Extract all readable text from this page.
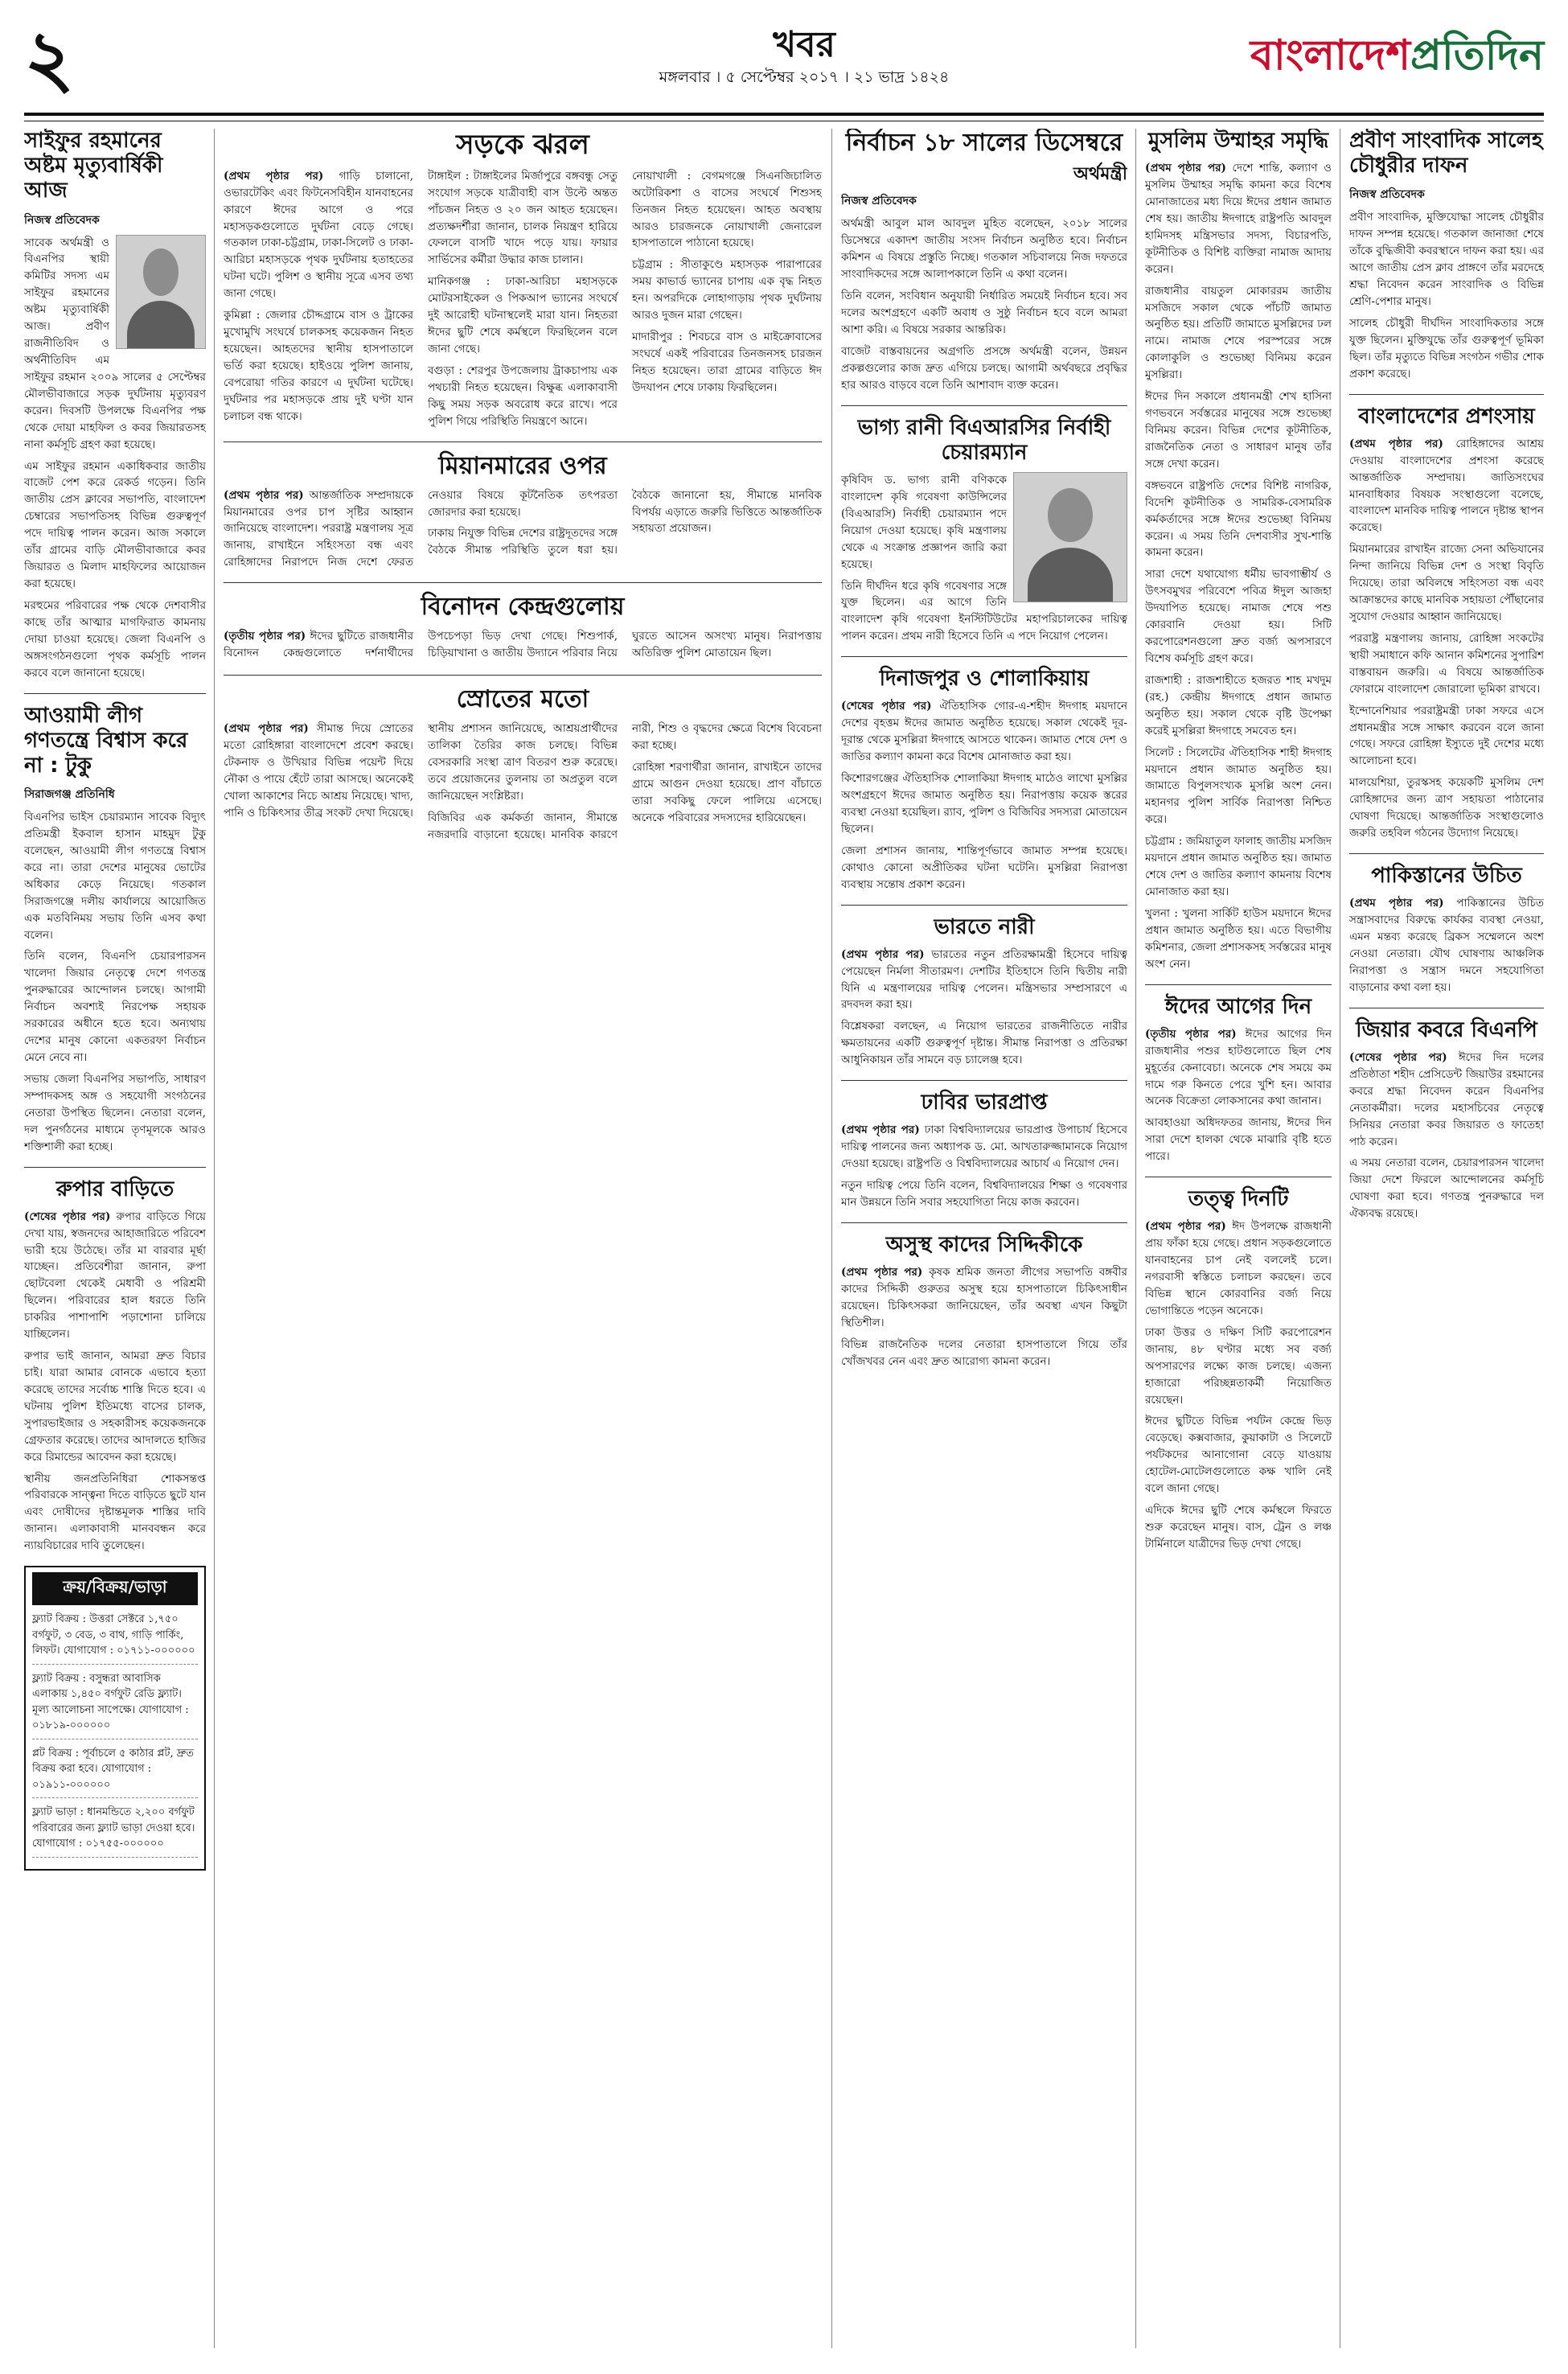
২	খবর
মঙ্গলবার । ৫ সেপ্টেম্বর ২০১৭ । ২১ ভাদ্র ১৪২৪	বাংলাদেশপ্রতিদিন
সাইফুর রহমানের অষ্টম মৃত্যুবার্ষিকী আজ

নিজস্ব প্রতিবেদক

সাবেক অর্থমন্ত্রী ও বিএনপির স্থায়ী কমিটির সদস্য এম সাইফুর রহমানের অষ্টম মৃত্যুবার্ষিকী আজ। প্রবীণ রাজনীতিবিদ ও অর্থনীতিবিদ এম সাইফুর রহমান ২০০৯ সালের ৫ সেপ্টেম্বর মৌলভীবাজারে সড়ক দুর্ঘটনায় মৃত্যুবরণ করেন। দিবসটি উপলক্ষে বিএনপির পক্ষ থেকে দোয়া মাহফিল ও কবর জিয়ারতসহ নানা কর্মসূচি গ্রহণ করা হয়েছে।

এম সাইফুর রহমান একাধিকবার জাতীয় বাজেট পেশ করে রেকর্ড গড়েন। তিনি জাতীয় প্রেস ক্লাবের সভাপতি, বাংলাদেশ চেম্বারের সভাপতিসহ বিভিন্ন গুরুত্বপূর্ণ পদে দায়িত্ব পালন করেন। আজ সকালে তাঁর গ্রামের বাড়ি মৌলভীবাজারে কবর জিয়ারত ও মিলাদ মাহফিলের আয়োজন করা হয়েছে।

মরহুমের পরিবারের পক্ষ থেকে দেশবাসীর কাছে তাঁর আত্মার মাগফিরাত কামনায় দোয়া চাওয়া হয়েছে। জেলা বিএনপি ও অঙ্গসংগঠনগুলো পৃথক কর্মসূচি পালন করবে বলে জানানো হয়েছে।

আওয়ামী লীগ গণতন্ত্রে বিশ্বাস করে না : টুকু

সিরাজগঞ্জ প্রতিনিধি

বিএনপির ভাইস চেয়ারম্যান সাবেক বিদ্যুৎ প্রতিমন্ত্রী ইকবাল হাসান মাহমুদ টুকু বলেছেন, আওয়ামী লীগ গণতন্ত্রে বিশ্বাস করে না। তারা দেশের মানুষের ভোটের অধিকার কেড়ে নিয়েছে। গতকাল সিরাজগঞ্জে দলীয় কার্যালয়ে আয়োজিত এক মতবিনিময় সভায় তিনি এসব কথা বলেন।

তিনি বলেন, বিএনপি চেয়ারপারসন খালেদা জিয়ার নেতৃত্বে দেশে গণতন্ত্র পুনরুদ্ধারের আন্দোলন চলছে। আগামী নির্বাচন অবশ্যই নিরপেক্ষ সহায়ক সরকারের অধীনে হতে হবে। অন্যথায় দেশের মানুষ কোনো একতরফা নির্বাচন মেনে নেবে না।

সভায় জেলা বিএনপির সভাপতি, সাধারণ সম্পাদকসহ অঙ্গ ও সহযোগী সংগঠনের নেতারা উপস্থিত ছিলেন। নেতারা বলেন, দল পুনর্গঠনের মাধ্যমে তৃণমূলকে আরও শক্তিশালী করা হচ্ছে।

রুপার বাড়িতে

(শেষের পৃষ্ঠার পর) রুপার বাড়িতে গিয়ে দেখা যায়, স্বজনদের আহাজারিতে পরিবেশ ভারী হয়ে উঠেছে। তাঁর মা বারবার মূর্ছা যাচ্ছেন। প্রতিবেশীরা জানান, রুপা ছোটবেলা থেকেই মেধাবী ও পরিশ্রমী ছিলেন। পরিবারের হাল ধরতে তিনি চাকরির পাশাপাশি পড়াশোনা চালিয়ে যাচ্ছিলেন।

রুপার ভাই জানান, আমরা দ্রুত বিচার চাই। যারা আমার বোনকে এভাবে হত্যা করেছে তাদের সর্বোচ্চ শাস্তি দিতে হবে। এ ঘটনায় পুলিশ ইতিমধ্যে বাসের চালক, সুপারভাইজার ও সহকারীসহ কয়েকজনকে গ্রেফতার করেছে। তাদের আদালতে হাজির করে রিমান্ডের আবেদন করা হয়েছে।

স্থানীয় জনপ্রতিনিধিরা শোকসন্তপ্ত পরিবারকে সান্ত্বনা দিতে বাড়িতে ছুটে যান এবং দোষীদের দৃষ্টান্তমূলক শাস্তির দাবি জানান। এলাকাবাসী মানববন্ধন করে ন্যায়বিচারের দাবি তুলেছেন।

ক্রয়/বিক্রয়/ভাড়া

ফ্ল্যাট বিক্রয় : উত্তরা সেক্টরে ১,৭৫০ বর্গফুট, ৩ বেড, ৩ বাথ, গাড়ি পার্কিং, লিফট। যোগাযোগ : ০১৭১১-০০০০০০

ফ্ল্যাট বিক্রয় : বসুন্ধরা আবাসিক এলাকায় ১,৪৫০ বর্গফুট রেডি ফ্ল্যাট। মূল্য আলোচনা সাপেক্ষে। যোগাযোগ : ০১৮১৯-০০০০০০

প্লট বিক্রয় : পূর্বাচলে ৫ কাঠার প্লট, দ্রুত বিক্রয় করা হবে। যোগাযোগ : ০১৯১১-০০০০০০

ফ্ল্যাট ভাড়া : ধানমন্ডিতে ২,২০০ বর্গফুট পরিবারের জন্য ফ্ল্যাট ভাড়া দেওয়া হবে। যোগাযোগ : ০১৭৫৫-০০০০০০

সড়কে ঝরল

(প্রথম পৃষ্ঠার পর) গাড়ি চালানো, ওভারটেকিং এবং ফিটনেসবিহীন যানবাহনের কারণে ঈদের আগে ও পরে মহাসড়কগুলোতে দুর্ঘটনা বেড়ে গেছে। গতকাল ঢাকা-চট্টগ্রাম, ঢাকা-সিলেট ও ঢাকা-আরিচা মহাসড়কে পৃথক দুর্ঘটনায় হতাহতের ঘটনা ঘটে। পুলিশ ও স্থানীয় সূত্রে এসব তথ্য জানা গেছে।

কুমিল্লা : জেলার চৌদ্দগ্রামে বাস ও ট্রাকের মুখোমুখি সংঘর্ষে চালকসহ কয়েকজন নিহত হয়েছেন। আহতদের স্থানীয় হাসপাতালে ভর্তি করা হয়েছে। হাইওয়ে পুলিশ জানায়, বেপরোয়া গতির কারণে এ দুর্ঘটনা ঘটেছে। দুর্ঘটনার পর মহাসড়কে প্রায় দুই ঘণ্টা যান চলাচল বন্ধ থাকে।

টাঙ্গাইল : টাঙ্গাইলের মির্জাপুরে বঙ্গবন্ধু সেতু সংযোগ সড়কে যাত্রীবাহী বাস উল্টে অন্তত পাঁচজন নিহত ও ২০ জন আহত হয়েছেন। প্রত্যক্ষদর্শীরা জানান, চালক নিয়ন্ত্রণ হারিয়ে ফেললে বাসটি খাদে পড়ে যায়। ফায়ার সার্ভিসের কর্মীরা উদ্ধার কাজ চালান।

মানিকগঞ্জ : ঢাকা-আরিচা মহাসড়কে মোটরসাইকেল ও পিকআপ ভ্যানের সংঘর্ষে দুই আরোহী ঘটনাস্থলেই মারা যান। নিহতরা ঈদের ছুটি শেষে কর্মস্থলে ফিরছিলেন বলে জানা গেছে।

বগুড়া : শেরপুর উপজেলায় ট্রাকচাপায় এক পথচারী নিহত হয়েছেন। বিক্ষুব্ধ এলাকাবাসী কিছু সময় সড়ক অবরোধ করে রাখে। পরে পুলিশ গিয়ে পরিস্থিতি নিয়ন্ত্রণে আনে।

নোয়াখালী : বেগমগঞ্জে সিএনজিচালিত অটোরিকশা ও বাসের সংঘর্ষে শিশুসহ তিনজন নিহত হয়েছেন। আহত অবস্থায় আরও চারজনকে নোয়াখালী জেনারেল হাসপাতালে পাঠানো হয়েছে।

চট্টগ্রাম : সীতাকুণ্ডে মহাসড়ক পারাপারের সময় কাভার্ড ভ্যানের চাপায় এক বৃদ্ধ নিহত হন। অপরদিকে লোহাগাড়ায় পৃথক দুর্ঘটনায় আরও দুজন মারা গেছেন।

মাদারীপুর : শিবচরে বাস ও মাইক্রোবাসের সংঘর্ষে একই পরিবারের তিনজনসহ চারজন নিহত হয়েছেন। তারা গ্রামের বাড়িতে ঈদ উদযাপন শেষে ঢাকায় ফিরছিলেন।

মিয়ানমারের ওপর

(প্রথম পৃষ্ঠার পর) আন্তর্জাতিক সম্প্রদায়কে মিয়ানমারের ওপর চাপ সৃষ্টির আহ্বান জানিয়েছে বাংলাদেশ। পররাষ্ট্র মন্ত্রণালয় সূত্র জানায়, রাখাইনে সহিংসতা বন্ধ এবং রোহিঙ্গাদের নিরাপদে নিজ দেশে ফেরত নেওয়ার বিষয়ে কূটনৈতিক তৎপরতা জোরদার করা হয়েছে।

ঢাকায় নিযুক্ত বিভিন্ন দেশের রাষ্ট্রদূতদের সঙ্গে বৈঠকে সীমান্ত পরিস্থিতি তুলে ধরা হয়। বৈঠকে জানানো হয়, সীমান্তে মানবিক বিপর্যয় এড়াতে জরুরি ভিত্তিতে আন্তর্জাতিক সহায়তা প্রয়োজন।

বিনোদন কেন্দ্রগুলোয়

(তৃতীয় পৃষ্ঠার পর) ঈদের ছুটিতে রাজধানীর বিনোদন কেন্দ্রগুলোতে দর্শনার্থীদের উপচেপড়া ভিড় দেখা গেছে। শিশুপার্ক, চিড়িয়াখানা ও জাতীয় উদ্যানে পরিবার নিয়ে ঘুরতে আসেন অসংখ্য মানুষ। নিরাপত্তায় অতিরিক্ত পুলিশ মোতায়েন ছিল।

স্রোতের মতো

(প্রথম পৃষ্ঠার পর) সীমান্ত দিয়ে স্রোতের মতো রোহিঙ্গারা বাংলাদেশে প্রবেশ করছে। টেকনাফ ও উখিয়ার বিভিন্ন পয়েন্ট দিয়ে নৌকা ও পায়ে হেঁটে তারা আসছে। অনেকেই খোলা আকাশের নিচে আশ্রয় নিয়েছে। খাদ্য, পানি ও চিকিৎসার তীব্র সংকট দেখা দিয়েছে।

স্থানীয় প্রশাসন জানিয়েছে, আশ্রয়প্রার্থীদের তালিকা তৈরির কাজ চলছে। বিভিন্ন বেসরকারি সংস্থা ত্রাণ বিতরণ শুরু করেছে। তবে প্রয়োজনের তুলনায় তা অপ্রতুল বলে জানিয়েছেন সংশ্লিষ্টরা।

বিজিবির এক কর্মকর্তা জানান, সীমান্তে নজরদারি বাড়ানো হয়েছে। মানবিক কারণে নারী, শিশু ও বৃদ্ধদের ক্ষেত্রে বিশেষ বিবেচনা করা হচ্ছে।

রোহিঙ্গা শরণার্থীরা জানান, রাখাইনে তাদের গ্রামে আগুন দেওয়া হয়েছে। প্রাণ বাঁচাতে তারা সবকিছু ফেলে পালিয়ে এসেছে। অনেকে পরিবারের সদস্যদের হারিয়েছেন।

নির্বাচন ১৮ সালের ডিসেম্বরে

অর্থমন্ত্রী

নিজস্ব প্রতিবেদক

অর্থমন্ত্রী আবুল মাল আবদুল মুহিত বলেছেন, ২০১৮ সালের ডিসেম্বরে একাদশ জাতীয় সংসদ নির্বাচন অনুষ্ঠিত হবে। নির্বাচন কমিশন এ বিষয়ে প্রস্তুতি নিচ্ছে। গতকাল সচিবালয়ে নিজ দফতরে সাংবাদিকদের সঙ্গে আলাপকালে তিনি এ কথা বলেন।

তিনি বলেন, সংবিধান অনুযায়ী নির্ধারিত সময়েই নির্বাচন হবে। সব দলের অংশগ্রহণে একটি অবাধ ও সুষ্ঠু নির্বাচন হবে বলে আমরা আশা করি। এ বিষয়ে সরকার আন্তরিক।

বাজেট বাস্তবায়নের অগ্রগতি প্রসঙ্গে অর্থমন্ত্রী বলেন, উন্নয়ন প্রকল্পগুলোর কাজ দ্রুত এগিয়ে চলছে। আগামী অর্থবছরে প্রবৃদ্ধির হার আরও বাড়বে বলে তিনি আশাবাদ ব্যক্ত করেন।

ভাগ্য রানী বিএআরসির নির্বাহী চেয়ারম্যান

কৃষিবিদ ড. ভাগ্য রানী বণিককে বাংলাদেশ কৃষি গবেষণা কাউন্সিলের (বিএআরসি) নির্বাহী চেয়ারম্যান পদে নিয়োগ দেওয়া হয়েছে। কৃষি মন্ত্রণালয় থেকে এ সংক্রান্ত প্রজ্ঞাপন জারি করা হয়েছে।

তিনি দীর্ঘদিন ধরে কৃষি গবেষণার সঙ্গে যুক্ত ছিলেন। এর আগে তিনি বাংলাদেশ কৃষি গবেষণা ইনস্টিটিউটের মহাপরিচালকের দায়িত্ব পালন করেন। প্রথম নারী হিসেবে তিনি এ পদে নিয়োগ পেলেন।

দিনাজপুর ও শোলাকিয়ায়

(শেষের পৃষ্ঠার পর) ঐতিহাসিক গোর-এ-শহীদ ঈদগাহ ময়দানে দেশের বৃহত্তম ঈদের জামাত অনুষ্ঠিত হয়েছে। সকাল থেকেই দূর-দূরান্ত থেকে মুসল্লিরা ঈদগাহে আসতে থাকেন। জামাত শেষে দেশ ও জাতির কল্যাণ কামনা করে বিশেষ মোনাজাত করা হয়।

কিশোরগঞ্জের ঐতিহাসিক শোলাকিয়া ঈদগাহ মাঠেও লাখো মুসল্লির অংশগ্রহণে ঈদের জামাত অনুষ্ঠিত হয়। নিরাপত্তায় কয়েক স্তরের ব্যবস্থা নেওয়া হয়েছিল। র‌্যাব, পুলিশ ও বিজিবির সদস্যরা মোতায়েন ছিলেন।

জেলা প্রশাসন জানায়, শান্তিপূর্ণভাবে জামাত সম্পন্ন হয়েছে। কোথাও কোনো অপ্রীতিকর ঘটনা ঘটেনি। মুসল্লিরা নিরাপত্তা ব্যবস্থায় সন্তোষ প্রকাশ করেন।

ভারতে নারী

(প্রথম পৃষ্ঠার পর) ভারতের নতুন প্রতিরক্ষামন্ত্রী হিসেবে দায়িত্ব পেয়েছেন নির্মলা সীতারমণ। দেশটির ইতিহাসে তিনি দ্বিতীয় নারী যিনি এ মন্ত্রণালয়ের দায়িত্ব পেলেন। মন্ত্রিসভার সম্প্রসারণে এ রদবদল করা হয়।

বিশ্লেষকরা বলছেন, এ নিয়োগ ভারতের রাজনীতিতে নারীর ক্ষমতায়নের একটি গুরুত্বপূর্ণ দৃষ্টান্ত। সীমান্ত নিরাপত্তা ও প্রতিরক্ষা আধুনিকায়ন তাঁর সামনে বড় চ্যালেঞ্জ হবে।

ঢাবির ভারপ্রাপ্ত

(প্রথম পৃষ্ঠার পর) ঢাকা বিশ্ববিদ্যালয়ের ভারপ্রাপ্ত উপাচার্য হিসেবে দায়িত্ব পালনের জন্য অধ্যাপক ড. মো. আখতারুজ্জামানকে নিয়োগ দেওয়া হয়েছে। রাষ্ট্রপতি ও বিশ্ববিদ্যালয়ের আচার্য এ নিয়োগ দেন।

নতুন দায়িত্ব পেয়ে তিনি বলেন, বিশ্ববিদ্যালয়ের শিক্ষা ও গবেষণার মান উন্নয়নে তিনি সবার সহযোগিতা নিয়ে কাজ করবেন।

অসুস্থ কাদের সিদ্দিকীকে

(প্রথম পৃষ্ঠার পর) কৃষক শ্রমিক জনতা লীগের সভাপতি বঙ্গবীর কাদের সিদ্দিকী গুরুতর অসুস্থ হয়ে হাসপাতালে চিকিৎসাধীন রয়েছেন। চিকিৎসকরা জানিয়েছেন, তাঁর অবস্থা এখন কিছুটা স্থিতিশীল।

বিভিন্ন রাজনৈতিক দলের নেতারা হাসপাতালে গিয়ে তাঁর খোঁজখবর নেন এবং দ্রুত আরোগ্য কামনা করেন।

মুসলিম উম্মাহর সমৃদ্ধি

(প্রথম পৃষ্ঠার পর) দেশে শান্তি, কল্যাণ ও মুসলিম উম্মাহর সমৃদ্ধি কামনা করে বিশেষ মোনাজাতের মধ্য দিয়ে ঈদের প্রধান জামাত শেষ হয়। জাতীয় ঈদগাহে রাষ্ট্রপতি আবদুল হামিদসহ মন্ত্রিসভার সদস্য, বিচারপতি, কূটনীতিক ও বিশিষ্ট ব্যক্তিরা নামাজ আদায় করেন।

রাজধানীর বায়তুল মোকাররম জাতীয় মসজিদে সকাল থেকে পাঁচটি জামাত অনুষ্ঠিত হয়। প্রতিটি জামাতে মুসল্লিদের ঢল নামে। নামাজ শেষে পরস্পরের সঙ্গে কোলাকুলি ও শুভেচ্ছা বিনিময় করেন মুসল্লিরা।

ঈদের দিন সকালে প্রধানমন্ত্রী শেখ হাসিনা গণভবনে সর্বস্তরের মানুষের সঙ্গে শুভেচ্ছা বিনিময় করেন। বিভিন্ন দেশের কূটনীতিক, রাজনৈতিক নেতা ও সাধারণ মানুষ তাঁর সঙ্গে দেখা করেন।

বঙ্গভবনে রাষ্ট্রপতি দেশের বিশিষ্ট নাগরিক, বিদেশি কূটনীতিক ও সামরিক-বেসামরিক কর্মকর্তাদের সঙ্গে ঈদের শুভেচ্ছা বিনিময় করেন। এ সময় তিনি দেশবাসীর সুখ-শান্তি কামনা করেন।

সারা দেশে যথাযোগ্য ধর্মীয় ভাবগাম্ভীর্য ও উৎসবমুখর পরিবেশে পবিত্র ঈদুল আজহা উদযাপিত হয়েছে। নামাজ শেষে পশু কোরবানি দেওয়া হয়। সিটি করপোরেশনগুলো দ্রুত বর্জ্য অপসারণে বিশেষ কর্মসূচি গ্রহণ করে।

রাজশাহী : রাজশাহীতে হজরত শাহ মখদুম (রহ.) কেন্দ্রীয় ঈদগাহে প্রধান জামাত অনুষ্ঠিত হয়। সকাল থেকে বৃষ্টি উপেক্ষা করেই মুসল্লিরা ঈদগাহে সমবেত হন।

সিলেট : সিলেটের ঐতিহাসিক শাহী ঈদগাহ ময়দানে প্রধান জামাত অনুষ্ঠিত হয়। জামাতে বিপুলসংখ্যক মুসল্লি অংশ নেন। মহানগর পুলিশ সার্বিক নিরাপত্তা নিশ্চিত করে।

চট্টগ্রাম : জমিয়াতুল ফালাহ জাতীয় মসজিদ ময়দানে প্রধান জামাত অনুষ্ঠিত হয়। জামাত শেষে দেশ ও জাতির কল্যাণ কামনায় বিশেষ মোনাজাত করা হয়।

খুলনা : খুলনা সার্কিট হাউস ময়দানে ঈদের প্রধান জামাত অনুষ্ঠিত হয়। এতে বিভাগীয় কমিশনার, জেলা প্রশাসকসহ সর্বস্তরের মানুষ অংশ নেন।

ঈদের আগের দিন

(তৃতীয় পৃষ্ঠার পর) ঈদের আগের দিন রাজধানীর পশুর হাটগুলোতে ছিল শেষ মুহূর্তের কেনাবেচা। অনেকে শেষ সময়ে কম দামে গরু কিনতে পেরে খুশি হন। আবার অনেক বিক্রেতা লোকসানের কথা জানান।

আবহাওয়া অধিদফতর জানায়, ঈদের দিন সারা দেশে হালকা থেকে মাঝারি বৃষ্টি হতে পারে।

তত্ত্ব দিনটি

(প্রথম পৃষ্ঠার পর) ঈদ উপলক্ষে রাজধানী প্রায় ফাঁকা হয়ে গেছে। প্রধান সড়কগুলোতে যানবাহনের চাপ নেই বললেই চলে। নগরবাসী স্বস্তিতে চলাচল করছেন। তবে বিভিন্ন স্থানে কোরবানির বর্জ্য নিয়ে ভোগান্তিতে পড়েন অনেকে।

ঢাকা উত্তর ও দক্ষিণ সিটি করপোরেশন জানায়, ৪৮ ঘণ্টার মধ্যে সব বর্জ্য অপসারণের লক্ষ্যে কাজ চলছে। এজন্য হাজারো পরিচ্ছন্নতাকর্মী নিয়োজিত রয়েছেন।

ঈদের ছুটিতে বিভিন্ন পর্যটন কেন্দ্রে ভিড় বেড়েছে। কক্সবাজার, কুয়াকাটা ও সিলেটে পর্যটকদের আনাগোনা বেড়ে যাওয়ায় হোটেল-মোটেলগুলোতে কক্ষ খালি নেই বলে জানা গেছে।

এদিকে ঈদের ছুটি শেষে কর্মস্থলে ফিরতে শুরু করেছেন মানুষ। বাস, ট্রেন ও লঞ্চ টার্মিনালে যাত্রীদের ভিড় দেখা গেছে।

প্রবীণ সাংবাদিক সালেহ চৌধুরীর দাফন

নিজস্ব প্রতিবেদক

প্রবীণ সাংবাদিক, মুক্তিযোদ্ধা সালেহ চৌধুরীর দাফন সম্পন্ন হয়েছে। গতকাল জানাজা শেষে তাঁকে বুদ্ধিজীবী কবরস্থানে দাফন করা হয়। এর আগে জাতীয় প্রেস ক্লাব প্রাঙ্গণে তাঁর মরদেহে শ্রদ্ধা নিবেদন করেন সাংবাদিক ও বিভিন্ন শ্রেণি-পেশার মানুষ।

সালেহ চৌধুরী দীর্ঘদিন সাংবাদিকতার সঙ্গে যুক্ত ছিলেন। মুক্তিযুদ্ধে তাঁর গুরুত্বপূর্ণ ভূমিকা ছিল। তাঁর মৃত্যুতে বিভিন্ন সংগঠন গভীর শোক প্রকাশ করেছে।

বাংলাদেশের প্রশংসায়

(প্রথম পৃষ্ঠার পর) রোহিঙ্গাদের আশ্রয় দেওয়ায় বাংলাদেশের প্রশংসা করেছে আন্তর্জাতিক সম্প্রদায়। জাতিসংঘের মানবাধিকার বিষয়ক সংস্থাগুলো বলেছে, বাংলাদেশ মানবিক দায়িত্ব পালনে দৃষ্টান্ত স্থাপন করেছে।

মিয়ানমারের রাখাইন রাজ্যে সেনা অভিযানের নিন্দা জানিয়ে বিভিন্ন দেশ ও সংস্থা বিবৃতি দিয়েছে। তারা অবিলম্বে সহিংসতা বন্ধ এবং আক্রান্তদের কাছে মানবিক সহায়তা পৌঁছানোর সুযোগ দেওয়ার আহ্বান জানিয়েছে।

পররাষ্ট্র মন্ত্রণালয় জানায়, রোহিঙ্গা সংকটের স্থায়ী সমাধানে কফি আনান কমিশনের সুপারিশ বাস্তবায়ন জরুরি। এ বিষয়ে আন্তর্জাতিক ফোরামে বাংলাদেশ জোরালো ভূমিকা রাখবে।

ইন্দোনেশিয়ার পররাষ্ট্রমন্ত্রী ঢাকা সফরে এসে প্রধানমন্ত্রীর সঙ্গে সাক্ষাৎ করবেন বলে জানা গেছে। সফরে রোহিঙ্গা ইস্যুতে দুই দেশের মধ্যে আলোচনা হবে।

মালয়েশিয়া, তুরস্কসহ কয়েকটি মুসলিম দেশ রোহিঙ্গাদের জন্য ত্রাণ সহায়তা পাঠানোর ঘোষণা দিয়েছে। আন্তর্জাতিক সংস্থাগুলোও জরুরি তহবিল গঠনের উদ্যোগ নিয়েছে।

পাকিস্তানের উচিত

(প্রথম পৃষ্ঠার পর) পাকিস্তানের উচিত সন্ত্রাসবাদের বিরুদ্ধে কার্যকর ব্যবস্থা নেওয়া, এমন মন্তব্য করেছে ব্রিকস সম্মেলনে অংশ নেওয়া নেতারা। যৌথ ঘোষণায় আঞ্চলিক নিরাপত্তা ও সন্ত্রাস দমনে সহযোগিতা বাড়ানোর কথা বলা হয়।

জিয়ার কবরে বিএনপি

(শেষের পৃষ্ঠার পর) ঈদের দিন দলের প্রতিষ্ঠাতা শহীদ প্রেসিডেন্ট জিয়াউর রহমানের কবরে শ্রদ্ধা নিবেদন করেন বিএনপির নেতাকর্মীরা। দলের মহাসচিবের নেতৃত্বে সিনিয়র নেতারা কবর জিয়ারত ও ফাতেহা পাঠ করেন।

এ সময় নেতারা বলেন, চেয়ারপারসন খালেদা জিয়া দেশে ফিরলে আন্দোলনের কর্মসূচি ঘোষণা করা হবে। গণতন্ত্র পুনরুদ্ধারে দল ঐক্যবদ্ধ রয়েছে।
